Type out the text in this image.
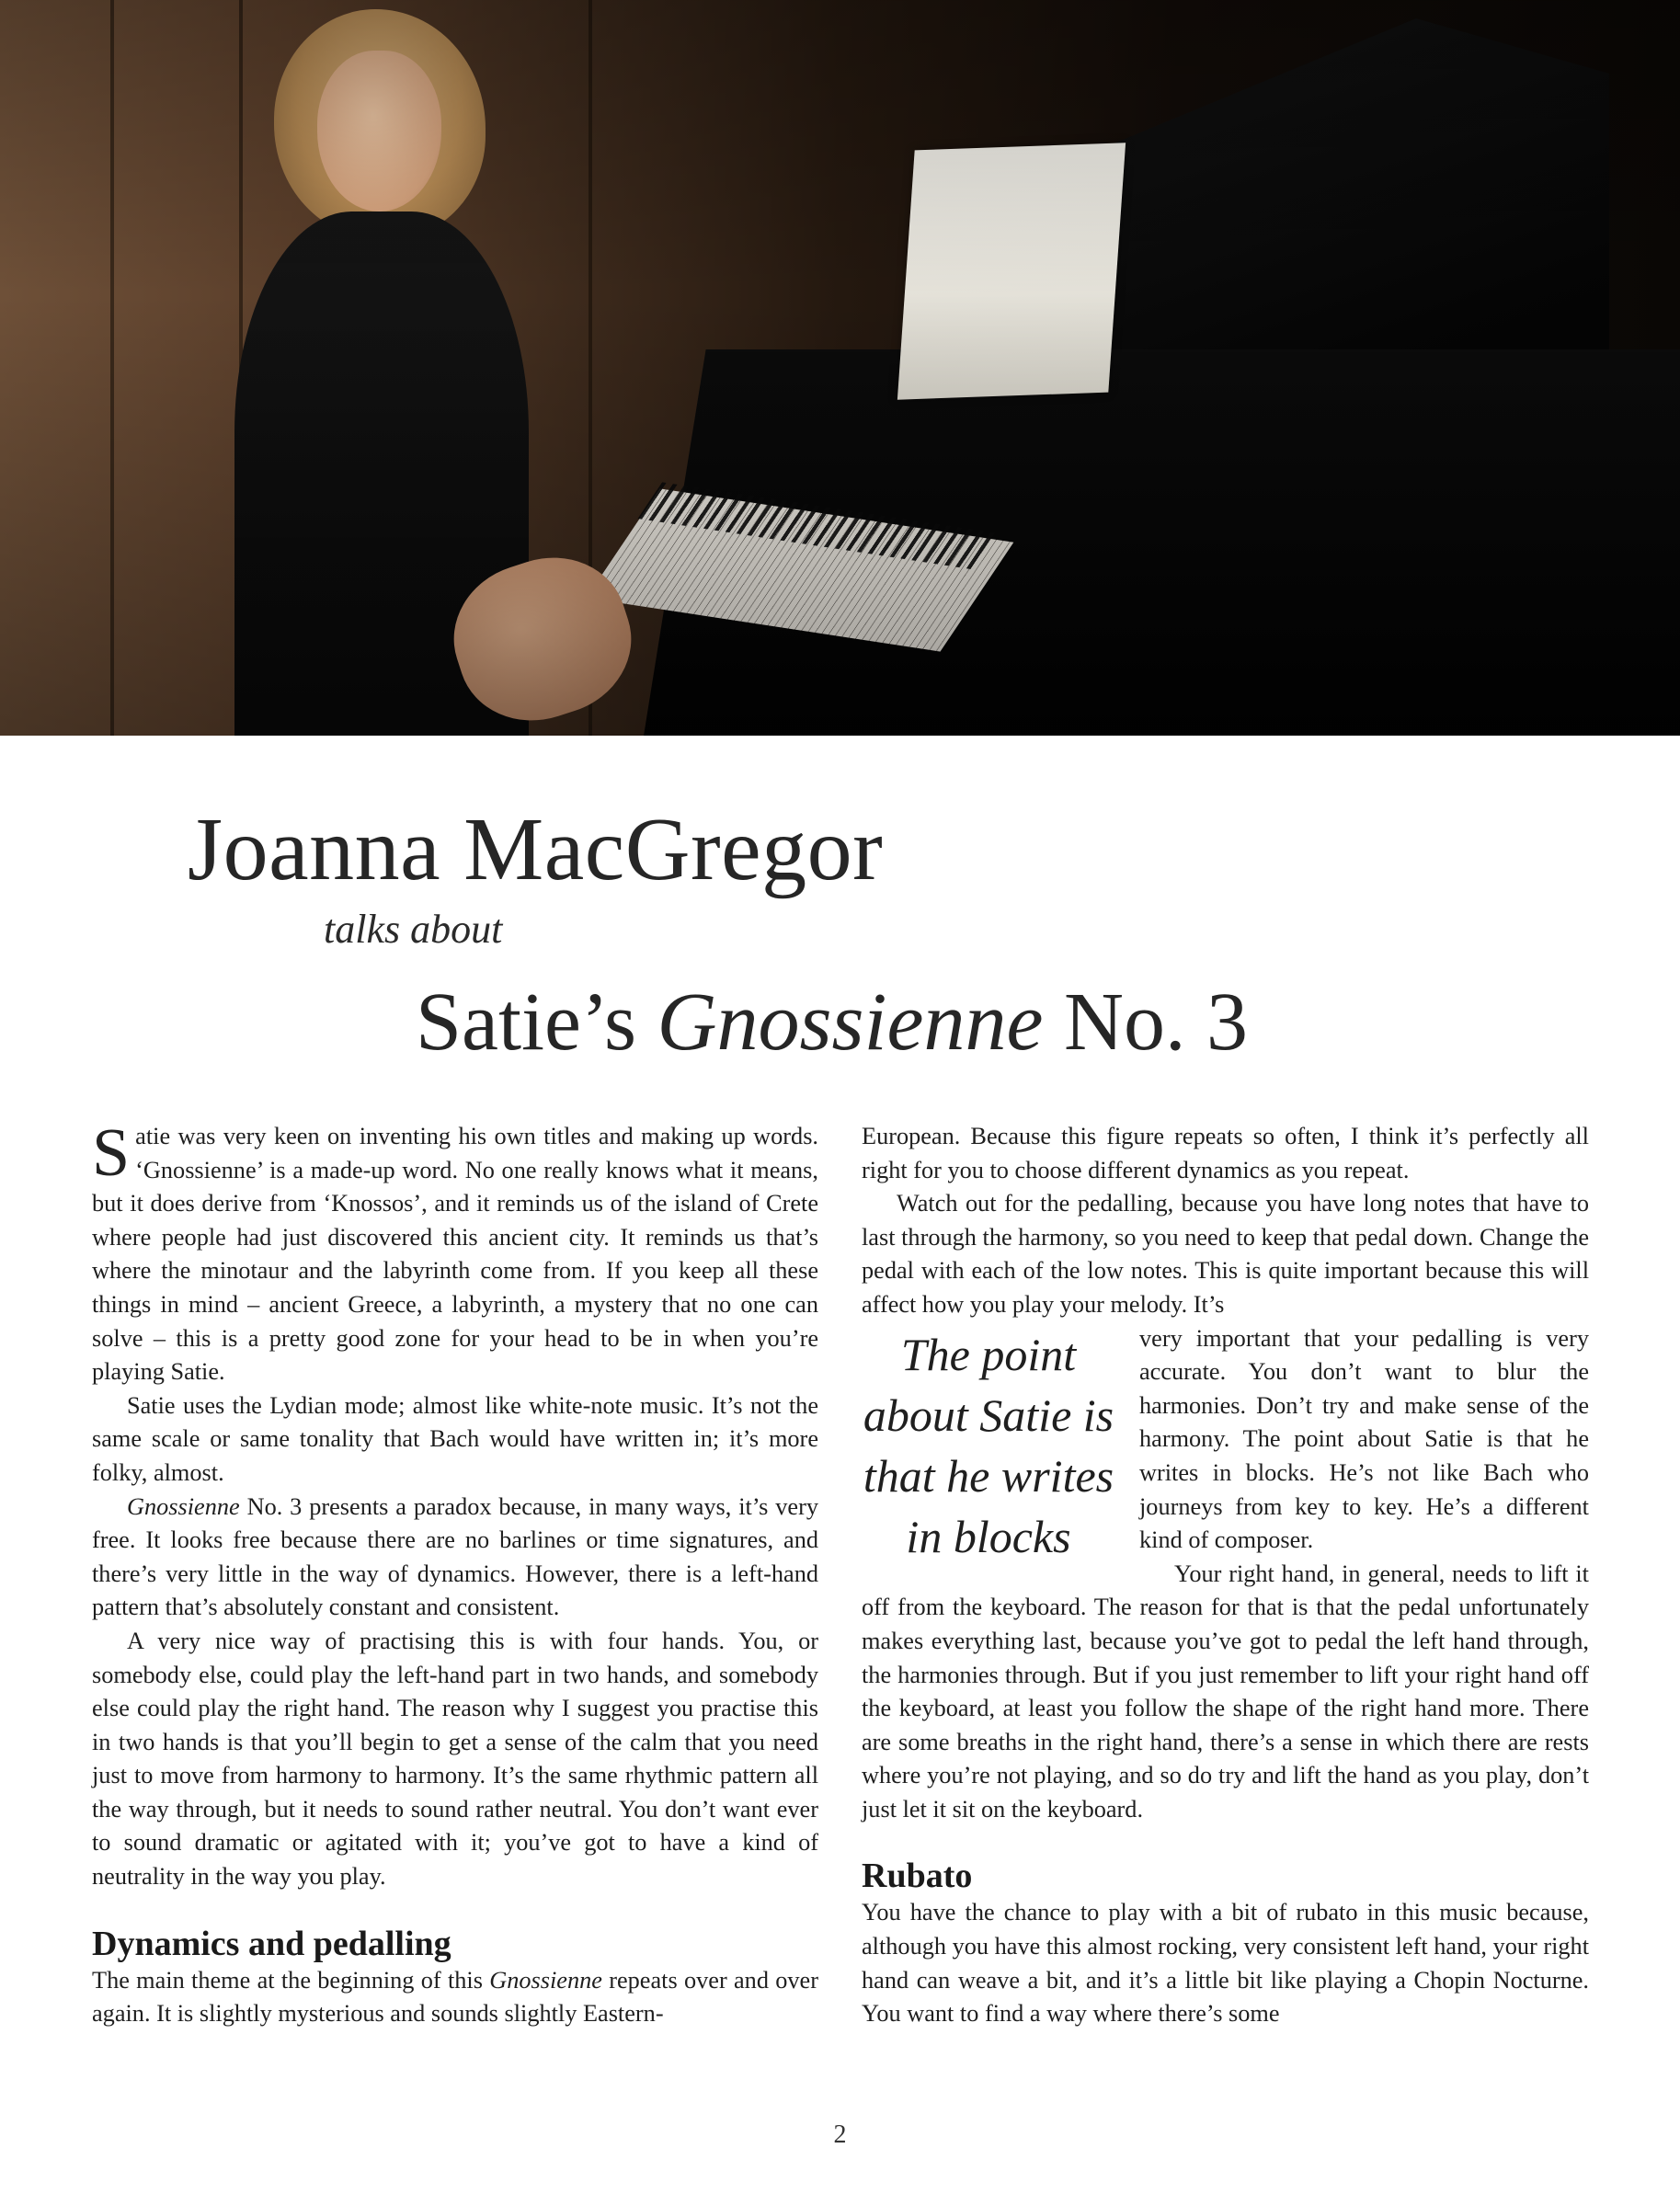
Joanna MacGregor
talks about
Satie’s Gnossienne No. 3

Satie was very keen on inventing his own titles and making up words. ‘Gnossienne’ is a made-up word. No one really knows what it means, but it does derive from ‘Knossos’, and it reminds us of the island of Crete where people had just discovered this ancient city. It reminds us that’s where the minotaur and the labyrinth come from. If you keep all these things in mind – ancient Greece, a labyrinth, a mystery that no one can solve – this is a pretty good zone for your head to be in when you’re playing Satie.

Satie uses the Lydian mode; almost like white-note music. It’s not the same scale or same tonality that Bach would have written in; it’s more folky, almost.

Gnossienne No. 3 presents a paradox because, in many ways, it’s very free. It looks free because there are no barlines or time signatures, and there’s very little in the way of dynamics. However, there is a left-hand pattern that’s absolutely constant and consistent.

A very nice way of practising this is with four hands. You, or somebody else, could play the left-hand part in two hands, and somebody else could play the right hand. The reason why I suggest you practise this in two hands is that you’ll begin to get a sense of the calm that you need just to move from harmony to harmony. It’s the same rhythmic pattern all the way through, but it needs to sound rather neutral. You don’t want ever to sound dramatic or agitated with it; you’ve got to have a kind of neutrality in the way you play.

Dynamics and pedalling

The main theme at the beginning of this Gnossienne repeats over and over again. It is slightly mysterious and sounds slightly Eastern-

European. Because this figure repeats so often, I think it’s perfectly all right for you to choose different dynamics as you repeat.

Watch out for the pedalling, because you have long notes that have to last through the harmony, so you need to keep that pedal down. Change the pedal with each of the low notes. This is quite important because this will affect how you play your melody. It’s

The point about Satie is that he writes in blocks

very important that your pedalling is very accurate. You don’t want to blur the harmonies. Don’t try and make sense of the harmony. The point about Satie is that he writes in blocks. He’s not like Bach who journeys from key to key. He’s a different kind of composer.

Your right hand, in general, needs to lift it off from the keyboard. The reason for that is that the pedal unfortunately makes everything last, because you’ve got to pedal the left hand through, the harmonies through. But if you just remember to lift your right hand off the keyboard, at least you follow the shape of the right hand more. There are some breaths in the right hand, there’s a sense in which there are rests where you’re not playing, and so do try and lift the hand as you play, don’t just let it sit on the keyboard.

Rubato

You have the chance to play with a bit of rubato in this music because, although you have this almost rocking, very consistent left hand, your right hand can weave a bit, and it’s a little bit like playing a Chopin Nocturne. You want to find a way where there’s some

2
